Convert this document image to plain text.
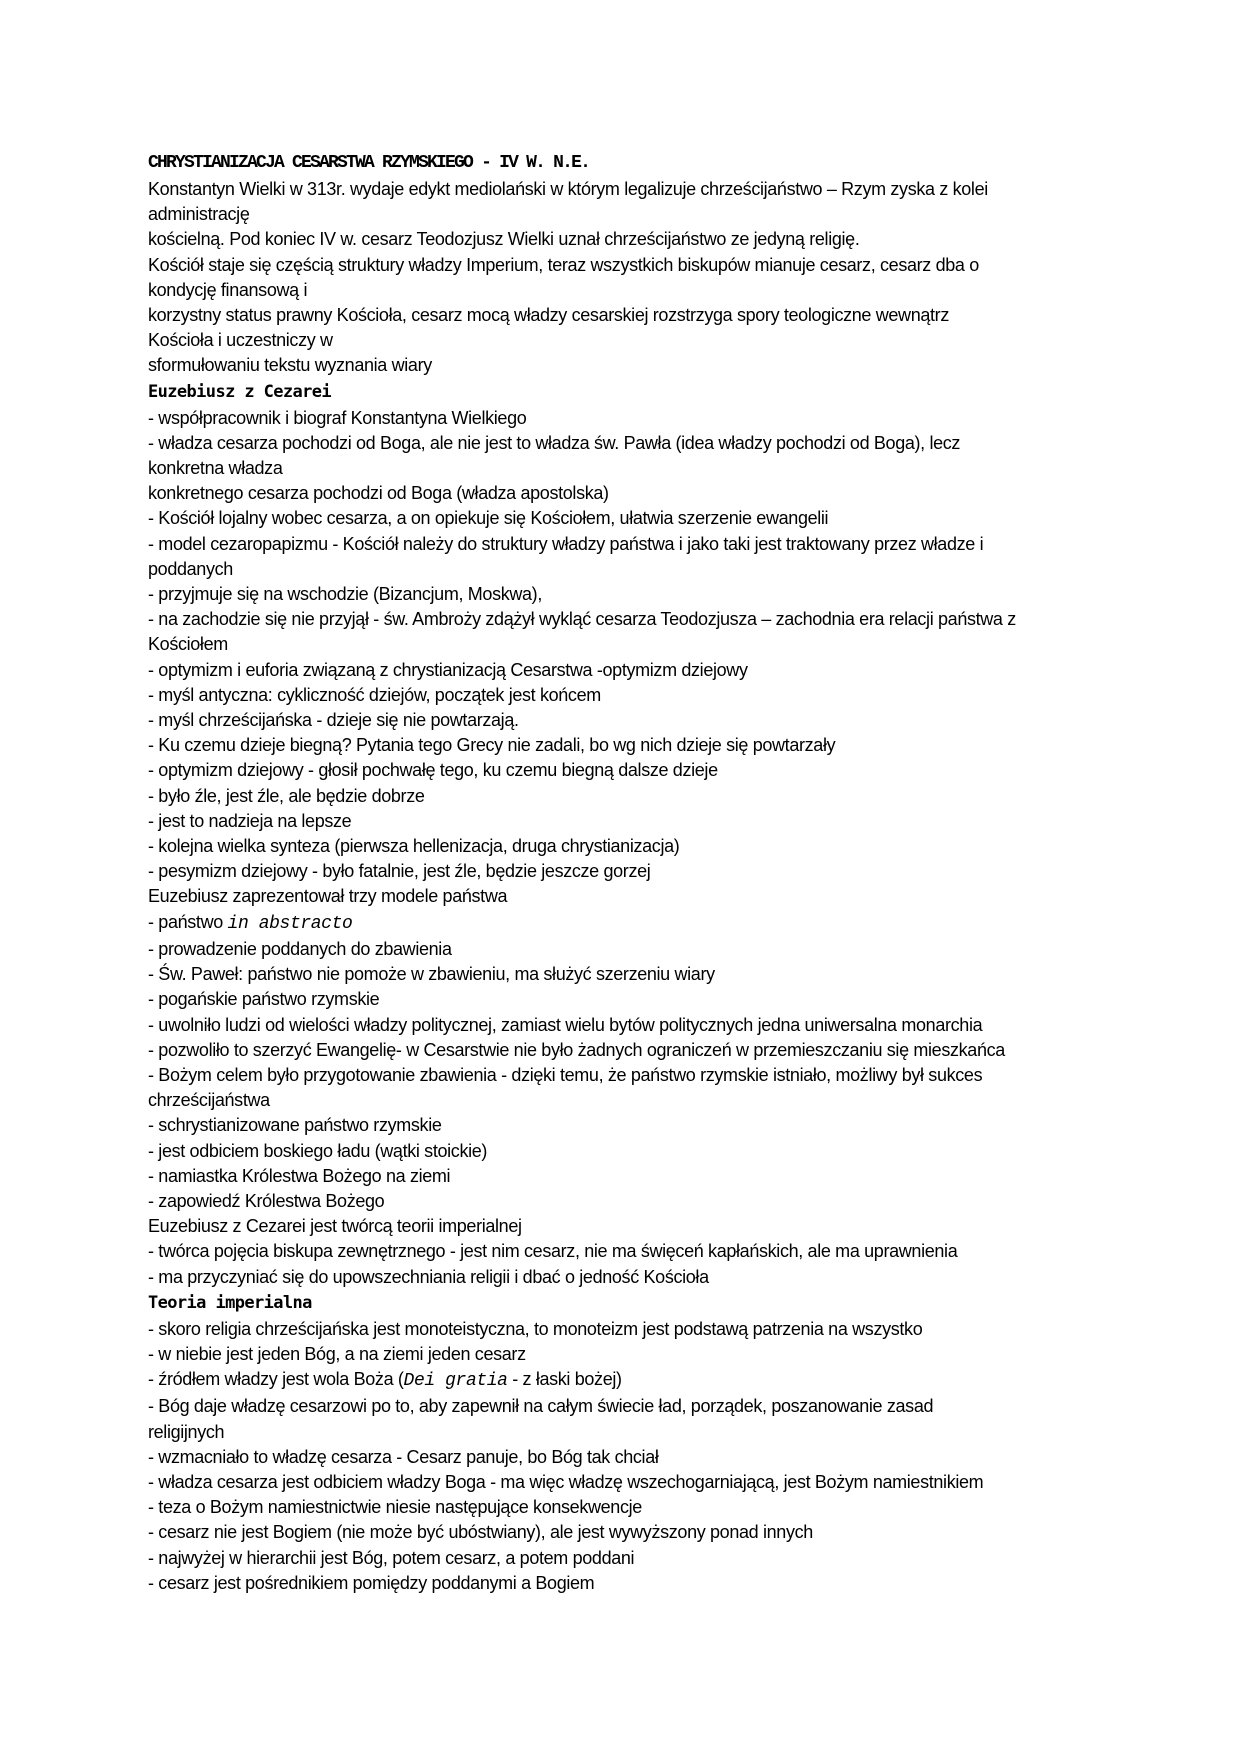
CHRYSTIANIZACJA CESARSTWA RZYMSKIEGO - IV W. N.E.
Konstantyn Wielki w 313r. wydaje edykt mediolański w którym legalizuje chrześcijaństwo – Rzym zyska z kolei
administrację
kościelną. Pod koniec IV w. cesarz Teodozjusz Wielki uznał chrześcijaństwo ze jedyną religię.
Kościół staje się częścią struktury władzy Imperium, teraz wszystkich biskupów mianuje cesarz, cesarz dba o
kondycję finansową i
korzystny status prawny Kościoła, cesarz mocą władzy cesarskiej rozstrzyga spory teologiczne wewnątrz
Kościoła i uczestniczy w
sformułowaniu tekstu wyznania wiary
Euzebiusz z Cezarei
- współpracownik i biograf Konstantyna Wielkiego
- władza cesarza pochodzi od Boga, ale nie jest to władza św. Pawła (idea władzy pochodzi od Boga), lecz
konkretna władza
konkretnego cesarza pochodzi od Boga (władza apostolska)
- Kościół lojalny wobec cesarza, a on opiekuje się Kościołem, ułatwia szerzenie ewangelii
- model cezaropapizmu - Kościół należy do struktury władzy państwa i jako taki jest traktowany przez władze i
poddanych
- przyjmuje się na wschodzie (Bizancjum, Moskwa),
- na zachodzie się nie przyjął - św. Ambroży zdążył wykląć cesarza Teodozjusza – zachodnia era relacji państwa z
Kościołem
- optymizm i euforia związaną z chrystianizacją Cesarstwa -optymizm dziejowy
- myśl antyczna: cykliczność dziejów, początek jest końcem
- myśl chrześcijańska - dzieje się nie powtarzają.
- Ku czemu dzieje biegną? Pytania tego Grecy nie zadali, bo wg nich dzieje się powtarzały
- optymizm dziejowy - głosił pochwałę tego, ku czemu biegną dalsze dzieje
- było źle, jest źle, ale będzie dobrze
- jest to nadzieja na lepsze
- kolejna wielka synteza (pierwsza hellenizacja, druga chrystianizacja)
- pesymizm dziejowy - było fatalnie, jest źle, będzie jeszcze gorzej
Euzebiusz zaprezentował trzy modele państwa
- państwo in abstracto
- prowadzenie poddanych do zbawienia
- Św. Paweł: państwo nie pomoże w zbawieniu, ma służyć szerzeniu wiary
- pogańskie państwo rzymskie
- uwolniło ludzi od wielości władzy politycznej, zamiast wielu bytów politycznych jedna uniwersalna monarchia
- pozwoliło to szerzyć Ewangelię- w Cesarstwie nie było żadnych ograniczeń w przemieszczaniu się mieszkańca
- Bożym celem było przygotowanie zbawienia - dzięki temu, że państwo rzymskie istniało, możliwy był sukces
chrześcijaństwa
- schrystianizowane państwo rzymskie
- jest odbiciem boskiego ładu (wątki stoickie)
- namiastka Królestwa Bożego na ziemi
- zapowiedź Królestwa Bożego
Euzebiusz z Cezarei jest twórcą teorii imperialnej
- twórca pojęcia biskupa zewnętrznego - jest nim cesarz, nie ma święceń kapłańskich, ale ma uprawnienia
- ma przyczyniać się do upowszechniania religii i dbać o jedność Kościoła
Teoria imperialna
- skoro religia chrześcijańska jest monoteistyczna, to monoteizm jest podstawą patrzenia na wszystko
- w niebie jest jeden Bóg, a na ziemi jeden cesarz
- źródłem władzy jest wola Boża (Dei gratia - z łaski bożej)
- Bóg daje władzę cesarzowi po to, aby zapewnił na całym świecie ład, porządek, poszanowanie zasad
religijnych
- wzmacniało to władzę cesarza - Cesarz panuje, bo Bóg tak chciał
- władza cesarza jest odbiciem władzy Boga - ma więc władzę wszechogarniającą, jest Bożym namiestnikiem
- teza o Bożym namiestnictwie niesie następujące konsekwencje
- cesarz nie jest Bogiem (nie może być ubóstwiany), ale jest wywyższony ponad innych
- najwyżej w hierarchii jest Bóg, potem cesarz, a potem poddani
- cesarz jest pośrednikiem pomiędzy poddanymi a Bogiem
